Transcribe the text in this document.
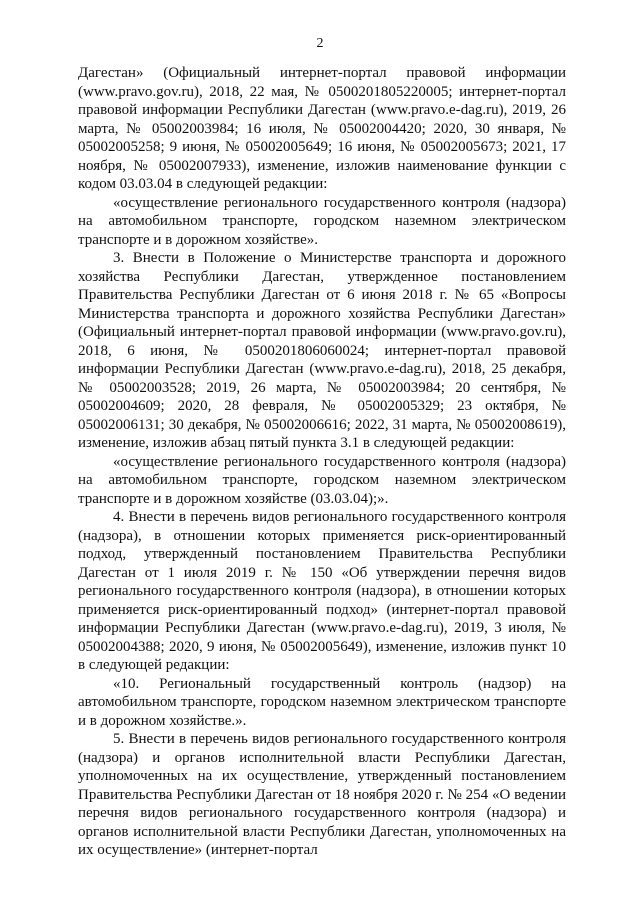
2

Дагестан» (Официальный интернет-портал правовой информации (www.pravo.gov.ru), 2018, 22 мая, № 0500201805220005; интернет-портал правовой информации Республики Дагестан (www.pravo.e-dag.ru), 2019, 26 марта, № 05002003984; 16 июля, № 05002004420; 2020, 30 января, № 05002005258; 9 июня, № 05002005649; 16 июня, № 05002005673; 2021, 17 ноября, № 05002007933), изменение, изложив наименование функции с кодом 03.03.04 в следующей редакции:

«осуществление регионального государственного контроля (надзора) на автомобильном транспорте, городском наземном электрическом транспорте и в дорожном хозяйстве».

3. Внести в Положение о Министерстве транспорта и дорожного хозяйства Республики Дагестан, утвержденное постановлением Правительства Республики Дагестан от 6 июня 2018 г. № 65 «Вопросы Министерства транспорта и дорожного хозяйства Республики Дагестан» (Официальный интернет-портал правовой информации (www.pravo.gov.ru), 2018, 6 июня, № 0500201806060024; интернет-портал правовой информации Республики Дагестан (www.pravo.e-dag.ru), 2018, 25 декабря, № 05002003528; 2019, 26 марта, № 05002003984; 20 сентября, № 05002004609; 2020, 28 февраля, № 05002005329; 23 октября, № 05002006131; 30 декабря, № 05002006616; 2022, 31 марта, № 05002008619), изменение, изложив абзац пятый пункта 3.1 в следующей редакции:

«осуществление регионального государственного контроля (надзора) на автомобильном транспорте, городском наземном электрическом транспорте и в дорожном хозяйстве (03.03.04);».

4. Внести в перечень видов регионального государственного контроля (надзора), в отношении которых применяется риск-ориентированный подход, утвержденный постановлением Правительства Республики Дагестан от 1 июля 2019 г. № 150 «Об утверждении перечня видов регионального государственного контроля (надзора), в отношении которых применяется риск-ориентированный подход» (интернет-портал правовой информации Республики Дагестан (www.pravo.e-dag.ru), 2019, 3 июля, № 05002004388; 2020, 9 июня, № 05002005649), изменение, изложив пункт 10 в следующей редакции:

«10. Региональный государственный контроль (надзор) на автомобильном транспорте, городском наземном электрическом транспорте и в дорожном хозяйстве.».

5. Внести в перечень видов регионального государственного контроля (надзора) и органов исполнительной власти Республики Дагестан, уполномоченных на их осуществление, утвержденный постановлением Правительства Республики Дагестан от 18 ноября 2020 г. № 254 «О ведении перечня видов регионального государственного контроля (надзора) и органов исполнительной власти Республики Дагестан, уполномоченных на их осуществление» (интернет-портал
